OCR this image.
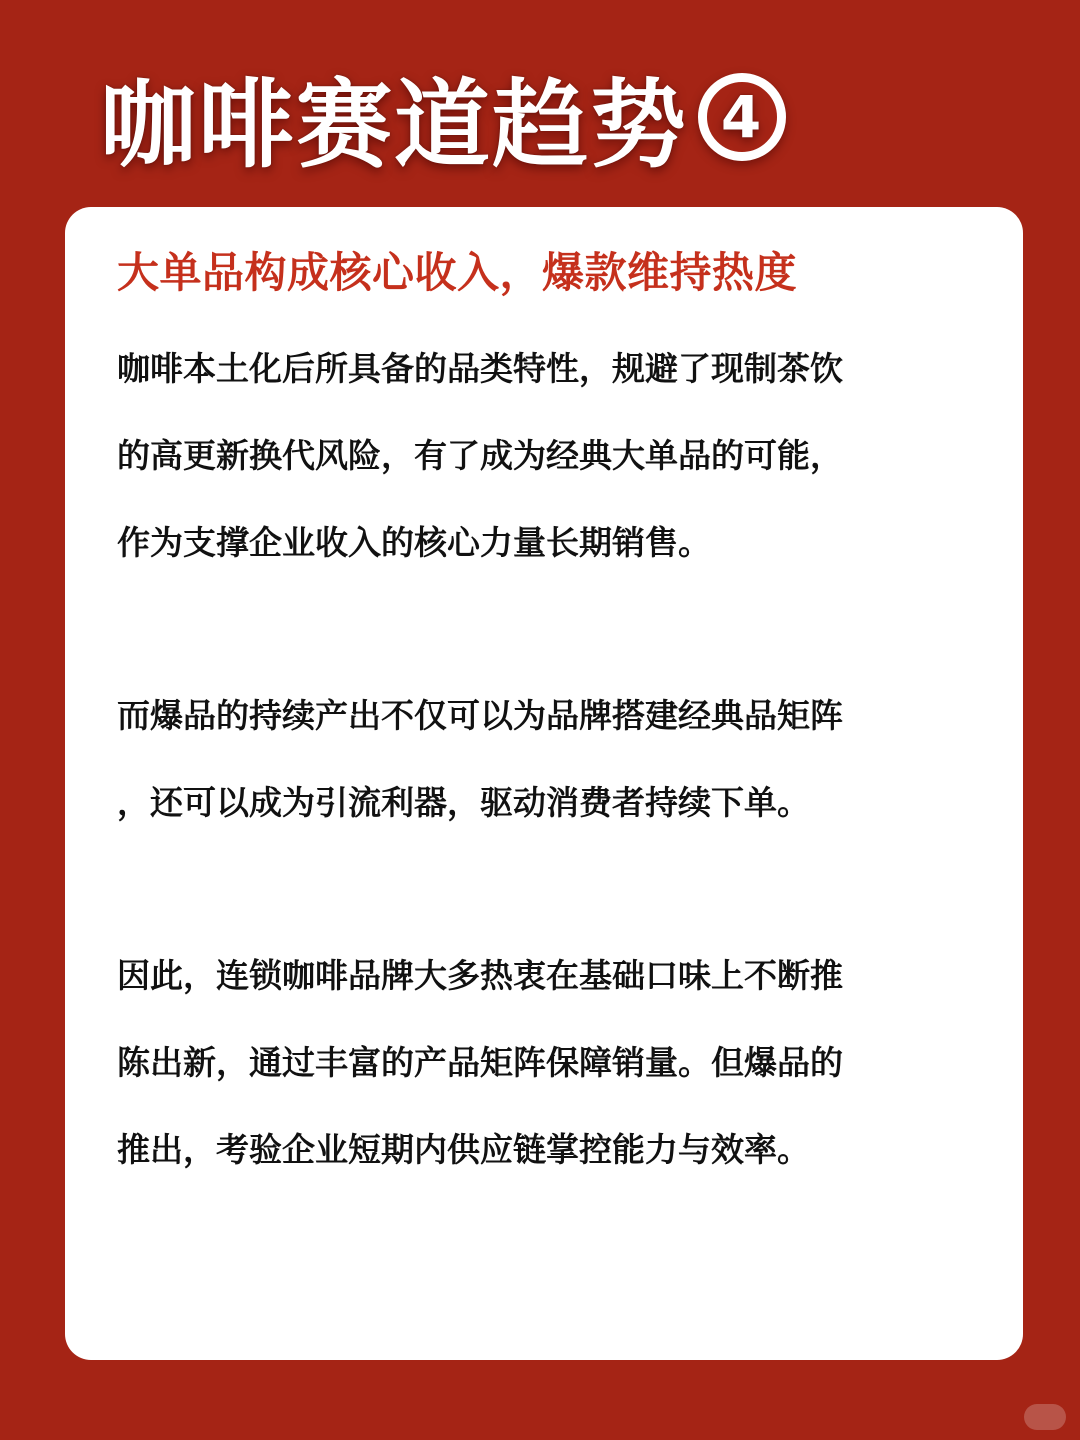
咖啡赛道趋势 4
大单品构成核心收入，爆款维持热度

咖啡本土化后所具备的品类特性，规避了现制茶饮

的高更新换代风险，有了成为经典大单品的可能，

作为支撑企业收入的核心力量长期销售。

而爆品的持续产出不仅可以为品牌搭建经典品矩阵

，还可以成为引流利器，驱动消费者持续下单。

因此，连锁咖啡品牌大多热衷在基础口味上不断推

陈出新，通过丰富的产品矩阵保障销量。但爆品的

推出，考验企业短期内供应链掌控能力与效率。
